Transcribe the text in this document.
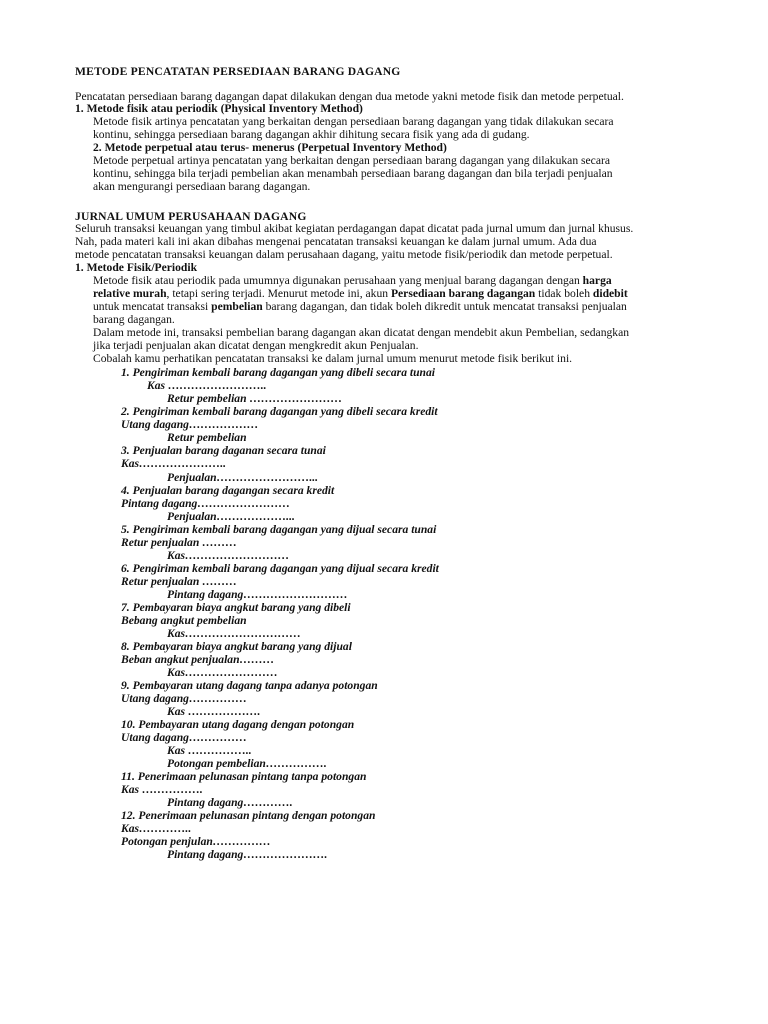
METODE PENCATATAN PERSEDIAAN BARANG DAGANG
Pencatatan persediaan barang dagangan dapat dilakukan dengan dua metode yakni metode fisik dan metode perpetual.
1. Metode fisik atau periodik (Physical Inventory Method)
Metode fisik artinya pencatatan yang berkaitan dengan persediaan barang dagangan yang tidak dilakukan secara
kontinu, sehingga persediaan barang dagangan akhir dihitung secara fisik yang ada di gudang.
2. Metode perpetual atau terus- menerus (Perpetual Inventory Method)
Metode perpetual artinya pencatatan yang berkaitan dengan persediaan barang dagangan yang dilakukan secara
kontinu, sehingga bila terjadi pembelian akan menambah persediaan barang dagangan dan bila terjadi penjualan
akan mengurangi persediaan barang dagangan.
JURNAL UMUM PERUSAHAAN DAGANG
Seluruh transaksi keuangan yang timbul akibat kegiatan perdagangan dapat dicatat pada jurnal umum dan jurnal khusus.
Nah, pada materi kali ini akan dibahas mengenai pencatatan transaksi keuangan ke dalam jurnal umum. Ada dua
metode pencatatan transaksi keuangan dalam perusahaan dagang, yaitu metode fisik/periodik dan metode perpetual.
1. Metode Fisik/Periodik
Metode fisik atau periodik pada umumnya digunakan perusahaan yang menjual barang dagangan dengan harga
relative murah, tetapi sering terjadi. Menurut metode ini, akun Persediaan barang dagangan tidak boleh didebit
untuk mencatat transaksi pembelian barang dagangan, dan tidak boleh dikredit untuk mencatat transaksi penjualan
barang dagangan.
Dalam metode ini, transaksi pembelian barang dagangan akan dicatat dengan mendebit akun Pembelian, sedangkan
jika terjadi penjualan akan dicatat dengan mengkredit akun Penjualan.
Cobalah kamu perhatikan pencatatan transaksi ke dalam jurnal umum menurut metode fisik berikut ini.
1. Pengiriman kembali barang dagangan yang dibeli secara tunai
Kas ……………………..
Retur pembelian ……………………
2. Pengiriman kembali barang dagangan yang dibeli secara kredit
Utang dagang………………
Retur pembelian
3. Penjualan barang daganan secara tunai
Kas…………………..
Penjualan……………………...
4. Penjualan barang dagangan secara kredit
Pintang dagang……………………
Penjualan………………...
5. Pengiriman kembali barang dagangan yang dijual secara tunai
Retur penjualan ………
Kas………………………
6. Pengiriman kembali barang dagangan yang dijual secara kredit
Retur penjualan ………
Pintang dagang………………………
7. Pembayaran biaya angkut barang yang dibeli
Bebang angkut pembelian
Kas…………………………
8. Pembayaran biaya angkut barang yang dijual
Beban angkut penjualan………
Kas……………………
9. Pembayaran utang dagang tanpa adanya potongan
Utang dagang……………
Kas ……………….
10. Pembayaran utang dagang dengan potongan
Utang dagang……………
Kas ……………..
Potongan pembelian…………….
11. Penerimaan pelunasan pintang tanpa potongan
Kas …………….
Pintang dagang………….
12. Penerimaan pelunasan pintang dengan potongan
Kas…………..
Potongan penjulan……………
Pintang dagang………………….
